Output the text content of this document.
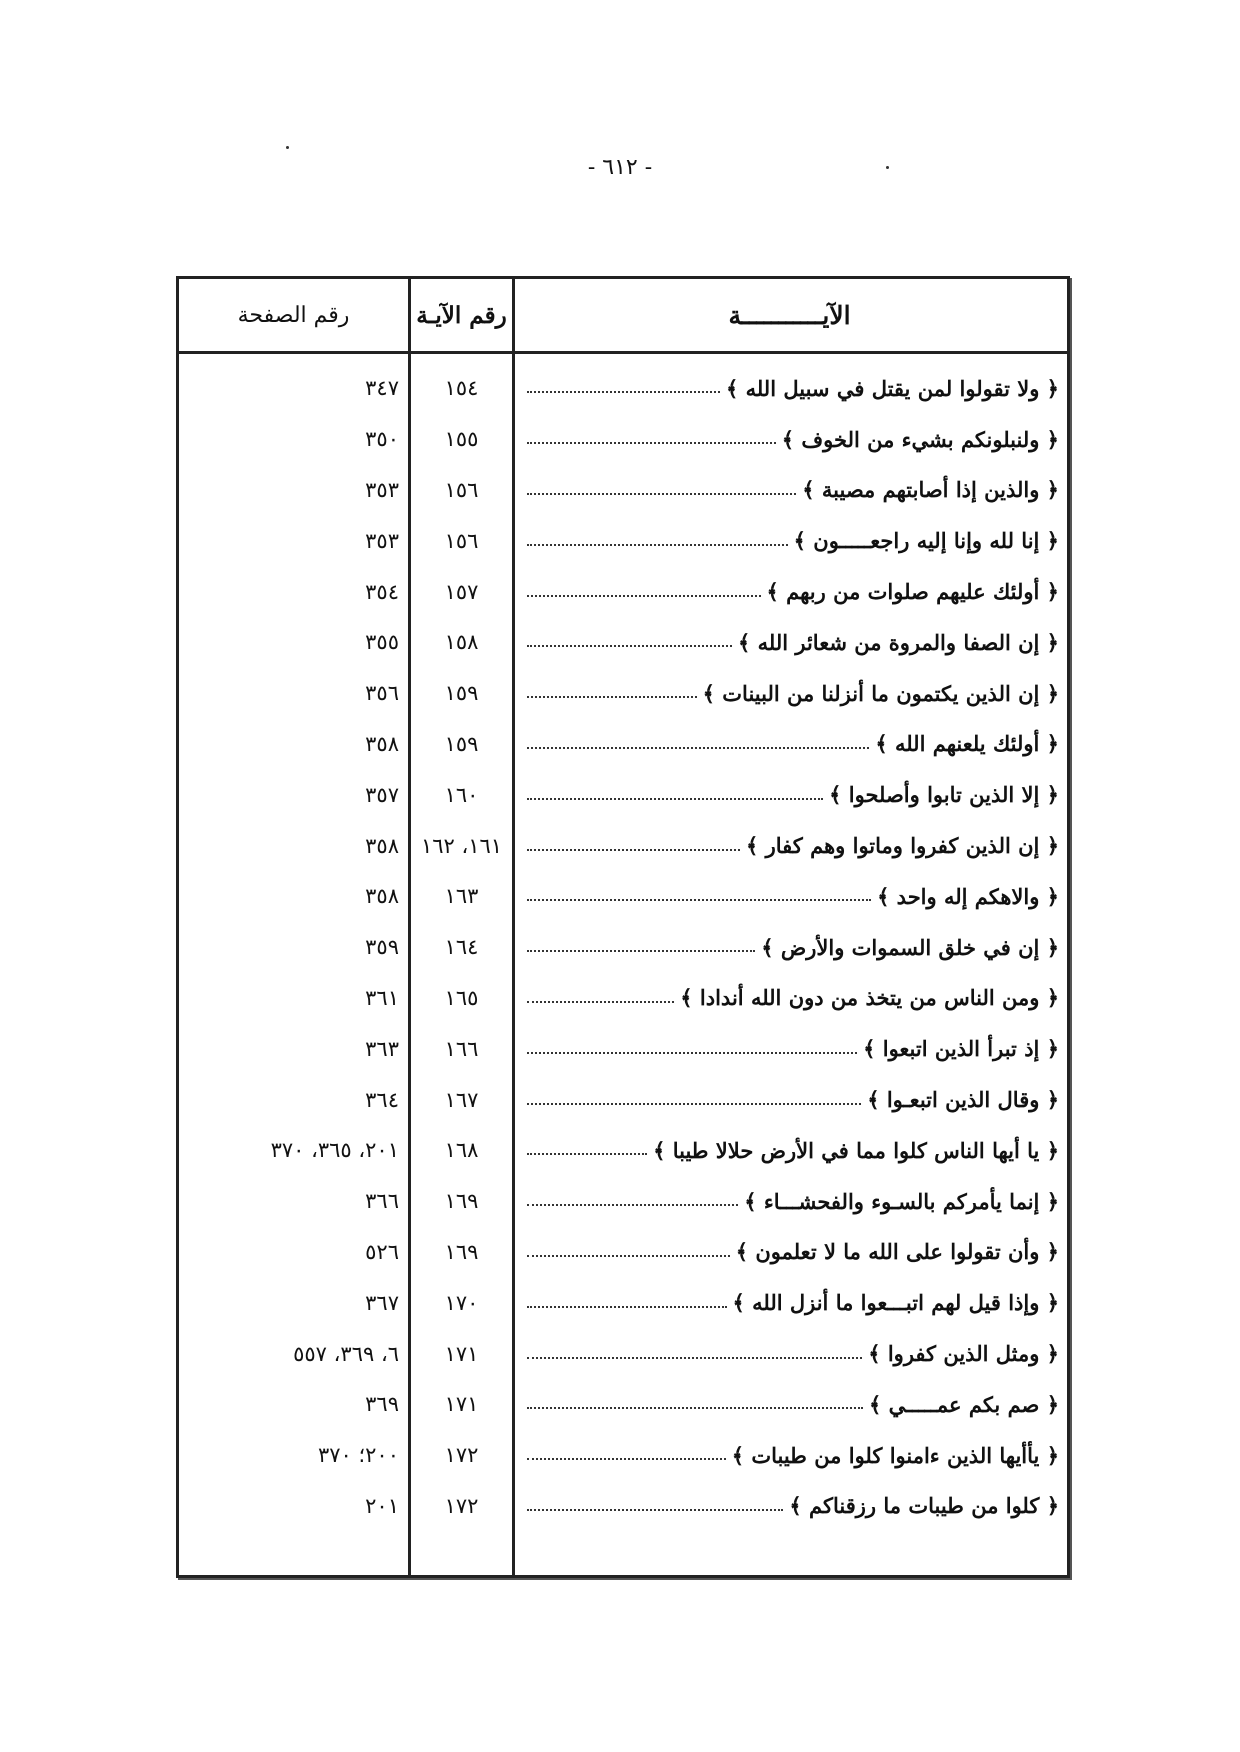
- ٦١٢ -
الآيـــــــــــة
رقم الآيـة
رقم الصفحة
﴿ ولا تقولوا لمن يقتل في سبيل الله ﴾
١٥٤
٣٤٧
﴿ ولنبلونكم بشيء من الخوف ﴾
١٥٥
٣٥٠
﴿ والذين إذا أصابتهم مصيبة ﴾
١٥٦
٣٥٣
﴿ إنا لله وإنا إليه راجعـــــون ﴾
١٥٦
٣٥٣
﴿ أولئك عليهم صلوات من ربهم ﴾
١٥٧
٣٥٤
﴿ إن الصفا والمروة من شعائر الله ﴾
١٥٨
٣٥٥
﴿ إن الذين يكتمون ما أنزلنا من البينات ﴾
١٥٩
٣٥٦
﴿ أولئك يلعنهم الله ﴾
١٥٩
٣٥٨
﴿ إلا الذين تابوا وأصلحوا ﴾
١٦٠
٣٥٧
﴿ إن الذين كفروا وماتوا وهم كفار ﴾
١٦١، ١٦٢
٣٥٨
﴿ والاهكم إله واحد ﴾
١٦٣
٣٥٨
﴿ إن في خلق السموات والأرض ﴾
١٦٤
٣٥٩
﴿ ومن الناس من يتخذ من دون الله أندادا ﴾
١٦٥
٣٦١
﴿ إذ تبرأ الذين اتبعوا ﴾
١٦٦
٣٦٣
﴿ وقال الذين اتبعـوا ﴾
١٦٧
٣٦٤
﴿ يا أيها الناس كلوا مما في الأرض حلالا طيبا ﴾
١٦٨
٢٠١، ٣٦٥، ٣٧٠
﴿ إنما يأمركم بالسـوء والفحشـــاء ﴾
١٦٩
٣٦٦
﴿ وأن تقولوا على الله ما لا تعلمون ﴾
١٦٩
٥٢٦
﴿ وإذا قيل لهم اتبـــعوا ما أنزل الله ﴾
١٧٠
٣٦٧
﴿ ومثل الذين كفروا ﴾
١٧١
٦، ٣٦٩، ٥٥٧
﴿ صم بكم عمـــــي ﴾
١٧١
٣٦٩
﴿ يأأيها الذين ءامنوا كلوا من طيبات ﴾
١٧٢
٢٠٠؛ ٣٧٠
﴿ كلوا من طيبات ما رزقناكم ﴾
١٧٢
٢٠١
